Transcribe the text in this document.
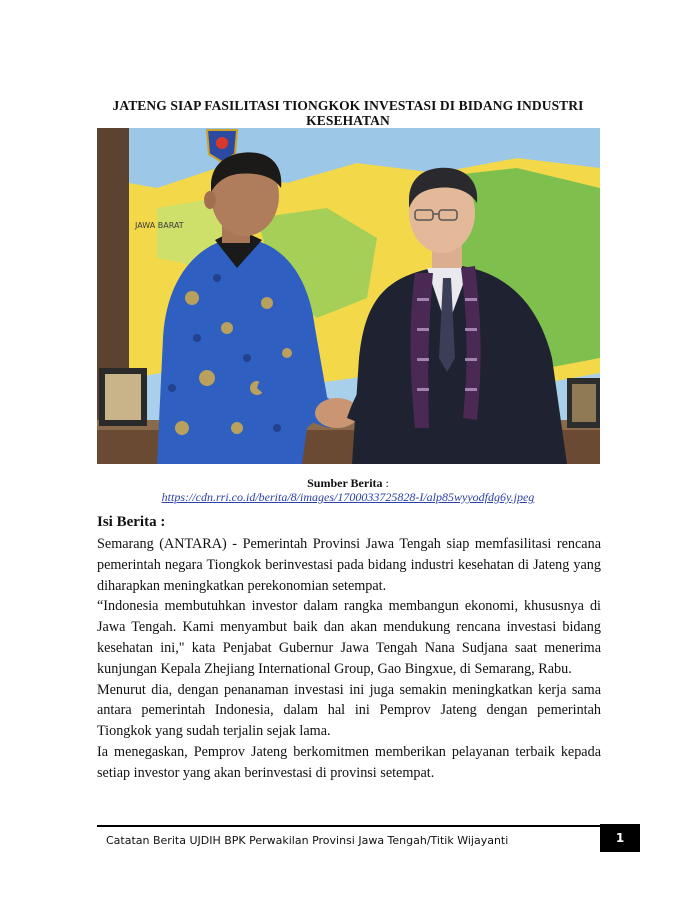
JATENG SIAP FASILITASI TIONGKOK INVESTASI DI BIDANG INDUSTRI KESEHATAN
JAWA BARAT
Sumber Berita :
https://cdn.rri.co.id/berita/8/images/1700033725828-I/alp85wyyodfdg6y.jpeg
Isi Berita :

Semarang (ANTARA) - Pemerintah Provinsi Jawa Tengah siap memfasilitasi rencana pemerintah negara Tiongkok berinvestasi pada bidang industri kesehatan di Jateng yang diharapkan meningkatkan perekonomian setempat.

“Indonesia membutuhkan investor dalam rangka membangun ekonomi, khususnya di Jawa Tengah. Kami menyambut baik dan akan mendukung rencana investasi bidang kesehatan ini," kata Penjabat Gubernur Jawa Tengah Nana Sudjana saat menerima kunjungan Kepala Zhejiang International Group, Gao Bingxue, di Semarang, Rabu.

Menurut dia, dengan penanaman investasi ini juga semakin meningkatkan kerja sama antara pemerintah Indonesia, dalam hal ini Pemprov Jateng dengan pemerintah Tiongkok yang sudah terjalin sejak lama.

Ia menegaskan, Pemprov Jateng berkomitmen memberikan pelayanan terbaik kepada setiap investor yang akan berinvestasi di provinsi setempat.

Catatan Berita UJDIH BPK Perwakilan Provinsi Jawa Tengah/Titik Wijayanti	1
